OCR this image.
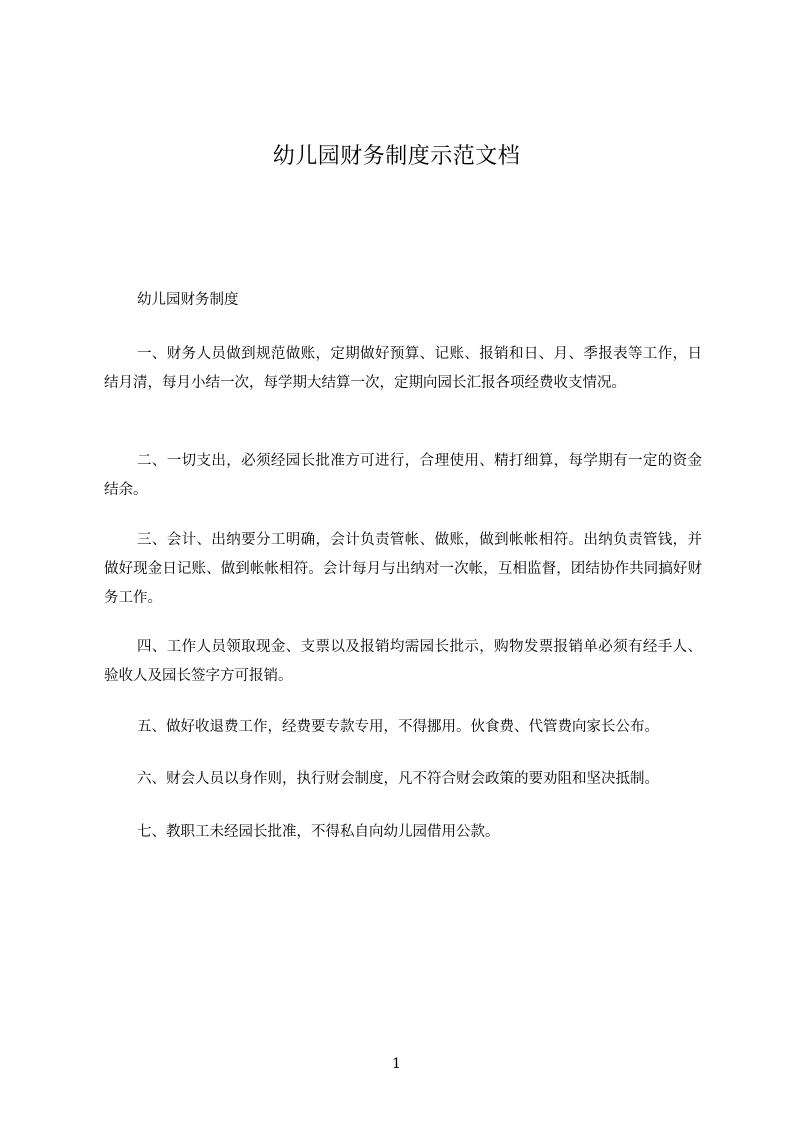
幼儿园财务制度示范文档
幼儿园财务制度

一、财务人员做到规范做账，定期做好预算、记账、报销和日、月、季报表等工作，日结月清，每月小结一次，每学期大结算一次，定期向园长汇报各项经费收支情况。

二、一切支出，必须经园长批准方可进行，合理使用、精打细算，每学期有一定的资金结余。

三、会计、出纳要分工明确，会计负责管帐、做账，做到帐帐相符。出纳负责管钱，并做好现金日记账、做到帐帐相符。会计每月与出纳对一次帐，互相监督，团结协作共同搞好财务工作。

四、工作人员领取现金、支票以及报销均需园长批示，购物发票报销单必须有经手人、验收人及园长签字方可报销。

五、做好收退费工作，经费要专款专用，不得挪用。伙食费、代管费向家长公布。

六、财会人员以身作则，执行财会制度，凡不符合财会政策的要劝阻和坚决抵制。

七、教职工未经园长批准，不得私自向幼儿园借用公款。

1
